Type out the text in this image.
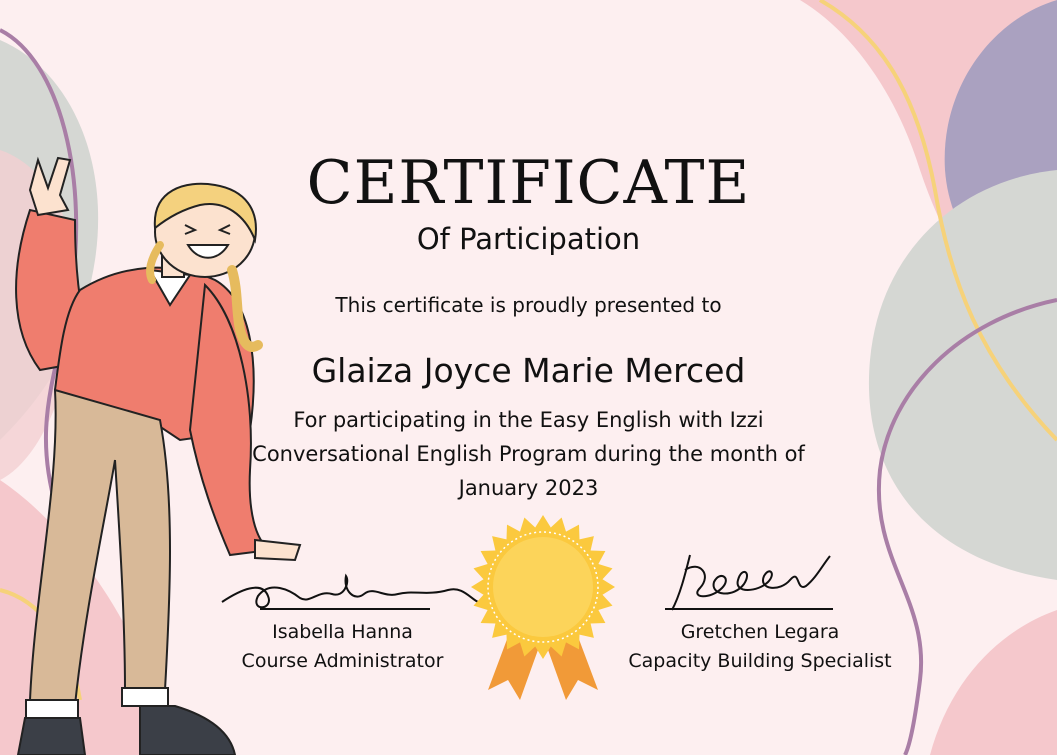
CERTIFICATE
Of Participation
This certificate is proudly presented to
Glaiza Joyce Marie Merced
For participating in the Easy English with Izzi
Conversational English Program during the month of
January 2023
Isabella Hanna
Course Administrator
Gretchen Legara
Capacity Building Specialist
